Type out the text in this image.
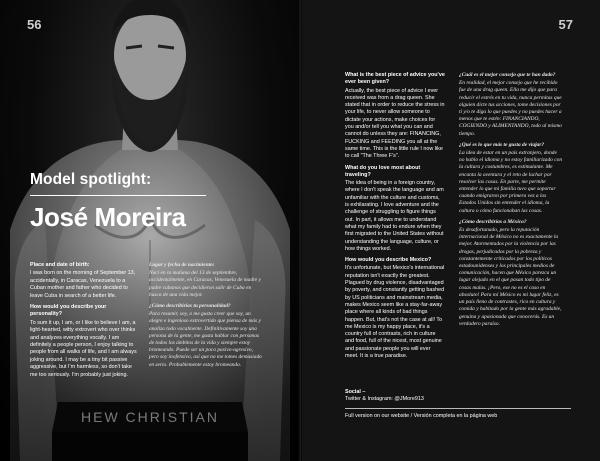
56
Model spotlight:
José Moreira
Place and date of birth:
I was born on the morning of September 13, accidentally, in Caracas, Venezuela to a Cuban mother and father who decided to leave Cuba in search of a better life.
How would you describe your personality?
To sum it up, I am, or I like to believe I am, a light-hearted, witty extrovert who over thinks and analyzes everything vocally. I am definitely a people person, I enjoy talking to people from all walks of life, and I am always joking around. I may be a tiny bit passive aggressive, but I'm harmless, so don't take me too seriously. I'm probably just joking.
Lugar y fecha de nacimiento:
Nací en la mañana del 13 de septiembre, accidentalmente, en Caracas, Venezuela de madre y padre cubanos que decidieron salir de Cuba en busca de una vida mejor.
¿Cómo describirías tu personalidad?
Para resumir, soy, o me gusta creer que soy, un alegre e ingenioso extrovertido que piensa de más y analiza todo vocalmente. Definitivamente soy una persona de la gente, me gusta hablar con personas de todos los ámbitos de la vida y siempre estoy bromeando. Puede ser un poco pasivo-agresivo, pero soy inofensivo, así que no me tomes demasiado en serio. Probablemente estoy bromeando.
57
What is the best piece of advice you've ever been given?
Actually, the best piece of advice I ever received was from a drag queen. She stated that in order to reduce the stress in your life, to never allow someone to dictate your actions, make choices for you and/or tell you what you can and cannot do unless they are: FINANCING, FUCKING and FEEDING you all at the same time. This is the little rule I now like to call "The Three F's".
What do you love most about traveling?
The idea of being in a foreign country, where I don't speak the language and am unfamiliar with the culture and customs, is exhilarating. I love adventure and the challenge of struggling to figure things out. In part, it allows me to understand what my family had to endure when they first migrated to the United States without understanding the language, culture, or how things worked.
How would you describe Mexico?
It's unfortunate, but Mexico's international reputation isn't exactly the greatest. Plagued by drug violence, disadvantaged by poverty, and constantly getting bashed by US politicians and mainstream media, makes Mexico seem like a stay-far-away place where all kinds of bad things happen. But, that's not the case at all! To me Mexico is my happy place, it's a country full of contrasts, rich in culture and food, full of the nicest, most genuine and passionate people you will ever meet. It is a true paradise.
¿Cuál es el mejor consejo que te han dado?
En realidad, el mejor consejo que he recibido fue de una drag queen. Ella me dijo que para reducir el estrés en tu vida, nunca permitas que alguien dicte tus acciones, tome decisiones por ti y/o te diga lo que puedes y no puedes hacer a menos que te estén: FINANCIANDO, COGIENDO y ALIMENTANDO, todo al mismo tiempo.
¿Qué es lo que más te gusta de viajar?
La idea de estar en un país extranjero, donde no hablo el idioma y no estoy familiarizado con la cultura y costumbres, es estimulante. Me encanta la aventura y el reto de luchar por resolver las cosas. En parte, me permite entender lo que mi familia tuvo que soportar cuando emigraron por primera vez a los Estados Unidos sin entender el idioma, la cultura o cómo funcionaban las cosas.
¿Cómo describirías a México?
Es desafortunado, pero la reputación internacional de México no es exactamente la mejor. Atormentados por la violencia por las drogas, perjudicados por la pobreza y constantemente criticados por los políticos estadounidenses y los principales medios de comunicación, hacen que México parezca un lugar alejado en el que pasan todo tipo de cosas malas. ¡Pero, ese no es el caso en absoluto! Para mí México es mi lugar feliz, es un país lleno de contrastes, rico en cultura y comida y habitado por la gente más agradable, genuina y apasionada que conocerás. Es un verdadero paraíso.
Social –
Twitter & Instagram: @JMore913
Full version on our website / Versión completa en la página web
